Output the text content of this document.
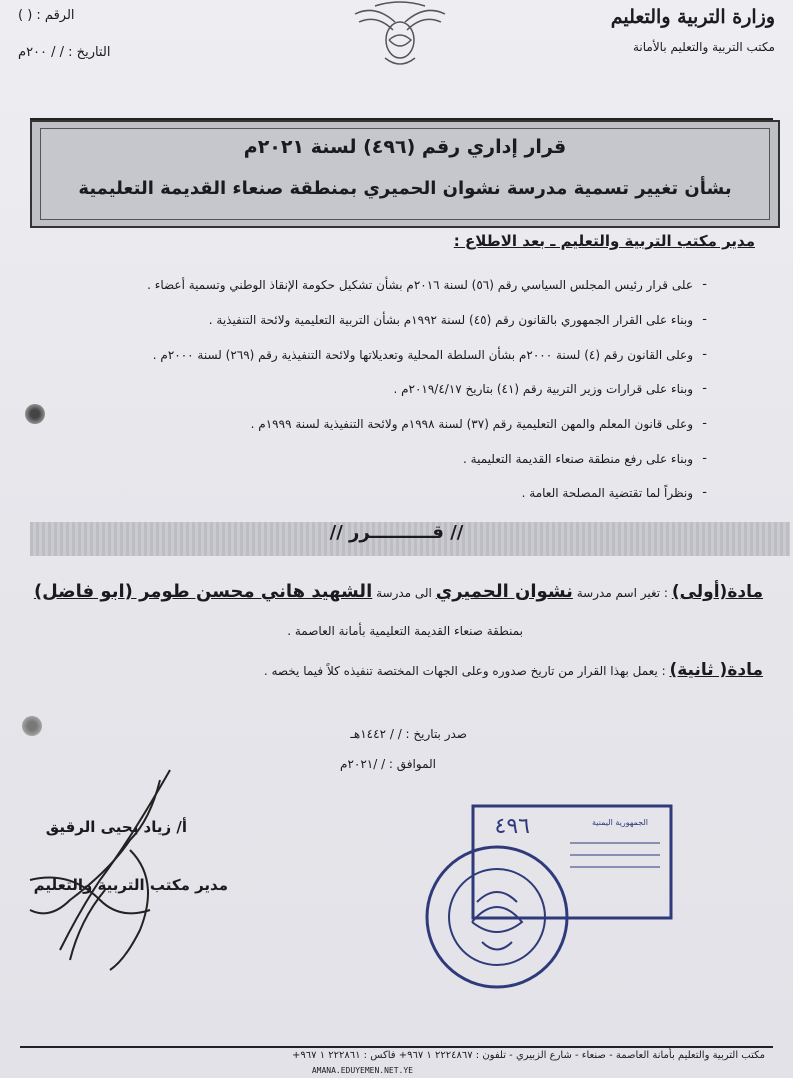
وزارة التربية والتعليم
مكتب التربية والتعليم بالأمانة
الرقم : ( )
التاريخ : / / ٢٠٠م
قرار إداري رقم (٤٩٦) لسنة ٢٠٢١م
بشأن تغيير تسمية مدرسة نشوان الحميري بمنطقة صنعاء القديمة التعليمية
مدير مكتب التربية والتعليم ـ بعد الاطلاع :
-
على قرار رئيس المجلس السياسي رقم (٥٦) لسنة ٢٠١٦م بشأن تشكيل حكومة الإنقاذ الوطني وتسمية أعضاء .
-
وبناء على القرار الجمهوري بالقانون رقم (٤٥) لسنة ١٩٩٢م بشأن التربية التعليمية ولائحة التنفيذية .
-
وعلى القانون رقم (٤) لسنة ٢٠٠٠م بشأن السلطة المحلية وتعديلاتها ولائحة التنفيذية رقم (٢٦٩) لسنة ٢٠٠٠م .
-
وبناء على قرارات وزير التربية رقم (٤١) بتاريخ ٢٠١٩/٤/١٧م .
-
وعلى قانون المعلم والمهن التعليمية رقم (٣٧) لسنة ١٩٩٨م ولائحة التنفيذية لسنة ١٩٩٩م .
-
وبناء على رفع منطقة صنعاء القديمة التعليمية .
-
ونظراً لما تقتضية المصلحة العامة .
// قــــــــــرر //
مادة(أولى) : تغير اسم مدرسة نشوان الحميري الى مدرسة الشهيد هاني محسن طومر (ابو فاضل)
بمنطقة صنعاء القديمة التعليمية بأمانة العاصمة .
مادة( ثانية) : يعمل بهذا القرار من تاريخ صدوره وعلى الجهات المختصة تنفيذه كلاً فيما يخصه .
صدر بتاريخ : / / ١٤٤٢هـ
الموافق : / /٢٠٢١م
أ/ زياد يحيى الرقيق
مدير مكتب التربية والتعليم
٤٩٦	الجمهورية اليمنية
مكتب التربية والتعليم بأمانة العاصمة - صنعاء - شارع الزبيري - تلفون : ٢٢٢٤٨٦٧ ١ ٩٦٧+ فاكس : ٢٢٢٨٦١ ١ ٩٦٧+
AMANA.EDUYEMEN.NET.YE
